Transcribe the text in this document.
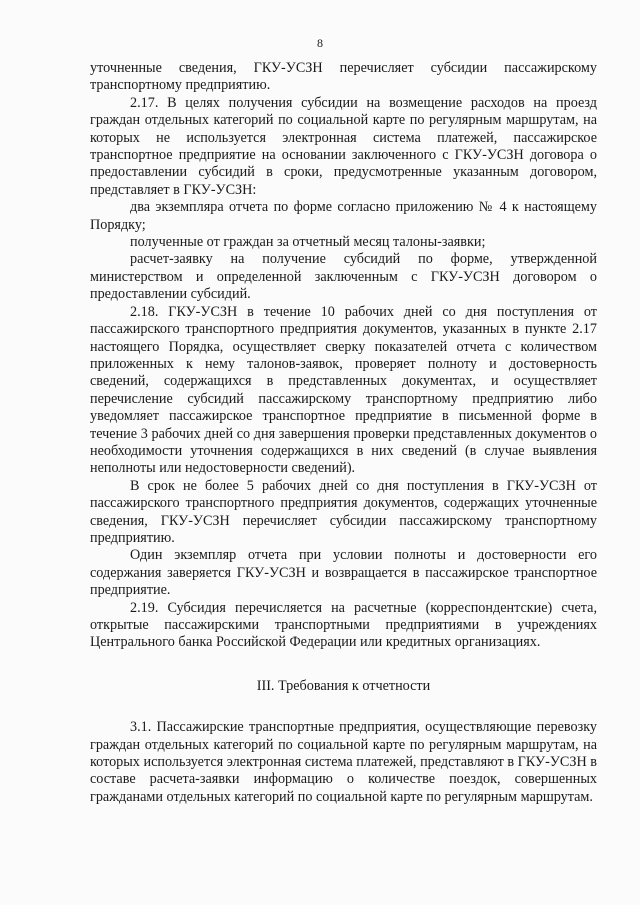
8

уточненные сведения, ГКУ-УСЗН перечисляет субсидии пассажирскому транспортному предприятию.

2.17. В целях получения субсидии на возмещение расходов на проезд граждан отдельных категорий по социальной карте по регулярным маршрутам, на которых не используется электронная система платежей, пассажирское транспортное предприятие на основании заключенного с ГКУ-УСЗН договора о предоставлении субсидий в сроки, предусмотренные указанным договором, представляет в ГКУ-УСЗН:

два экземпляра отчета по форме согласно приложению № 4 к настоящему Порядку;

полученные от граждан за отчетный месяц талоны-заявки;

расчет-заявку на получение субсидий по форме, утвержденной министерством и определенной заключенным с ГКУ-УСЗН договором о предоставлении субсидий.

2.18. ГКУ-УСЗН в течение 10 рабочих дней со дня поступления от пассажирского транспортного предприятия документов, указанных в пункте 2.17 настоящего Порядка, осуществляет сверку показателей отчета с количеством приложенных к нему талонов-заявок, проверяет полноту и достоверность сведений, содержащихся в представленных документах, и осуществляет перечисление субсидий пассажирскому транспортному предприятию либо уведомляет пассажирское транспортное предприятие в письменной форме в течение 3 рабочих дней со дня завершения проверки представленных документов о необходимости уточнения содержащихся в них сведений (в случае выявления неполноты или недостоверности сведений).

В срок не более 5 рабочих дней со дня поступления в ГКУ-УСЗН от пассажирского транспортного предприятия документов, содержащих уточненные сведения, ГКУ-УСЗН перечисляет субсидии пассажирскому транспортному предприятию.

Один экземпляр отчета при условии полноты и достоверности его содержания заверяется ГКУ-УСЗН и возвращается в пассажирское транспортное предприятие.

2.19. Субсидия перечисляется на расчетные (корреспондентские) счета, открытые пассажирскими транспортными предприятиями в учреждениях Центрального банка Российской Федерации или кредитных организациях.

III. Требования к отчетности

3.1. Пассажирские транспортные предприятия, осуществляющие перевозку граждан отдельных категорий по социальной карте по регулярным маршрутам, на которых используется электронная система платежей, представляют в ГКУ-УСЗН в составе расчета-заявки информацию о количестве поездок, совершенных гражданами отдельных категорий по социальной карте по регулярным маршрутам.
